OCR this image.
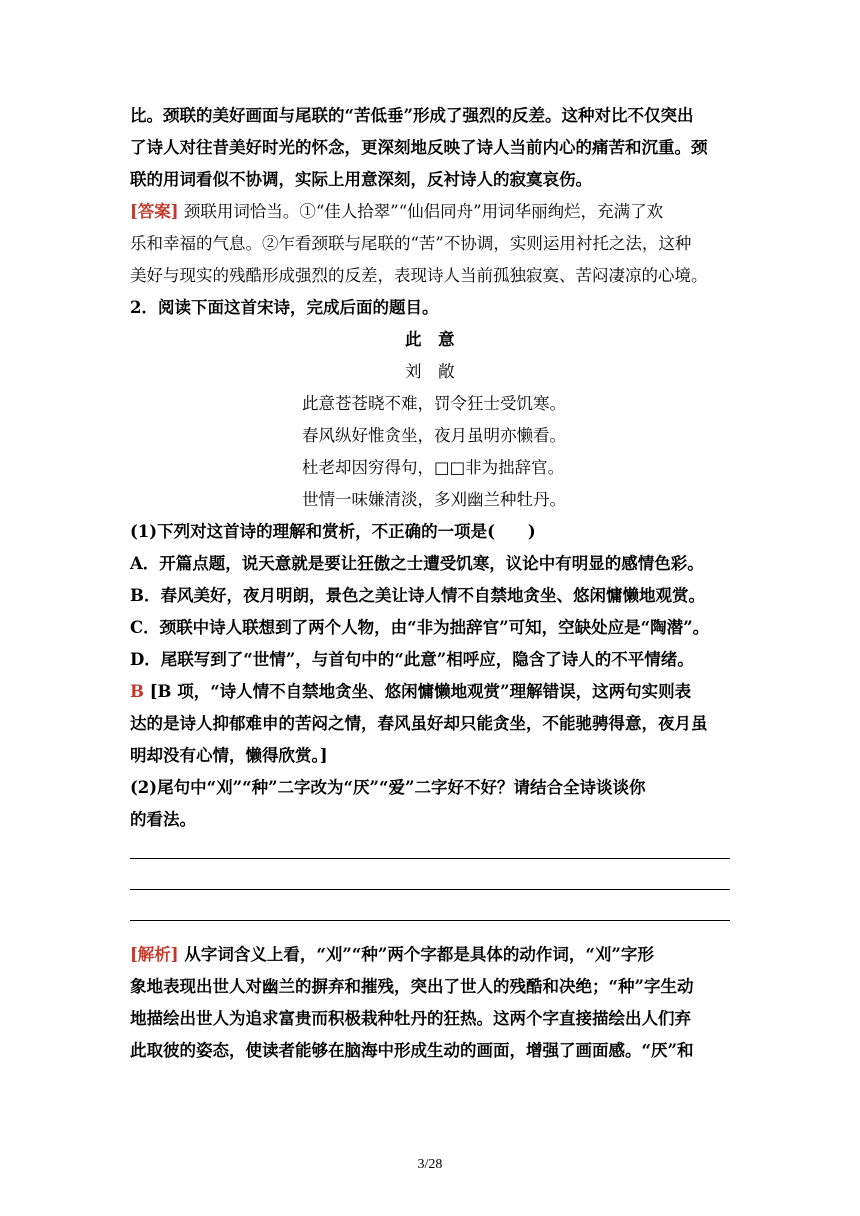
比。颈联的美好画面与尾联的“苦低垂”形成了强烈的反差。这种对比不仅突出
了诗人对往昔美好时光的怀念，更深刻地反映了诗人当前内心的痛苦和沉重。颈
联的用词看似不协调，实际上用意深刻，反衬诗人的寂寞哀伤。
[答案] 颈联用词恰当。①“佳人拾翠”“仙侣同舟”用词华丽绚烂，充满了欢
乐和幸福的气息。②乍看颈联与尾联的“苦”不协调，实则运用衬托之法，这种
美好与现实的残酷形成强烈的反差，表现诗人当前孤独寂寞、苦闷凄凉的心境。
2．阅读下面这首宋诗，完成后面的题目。
此　意
刘　敞
此意苍苍晓不难，罚令狂士受饥寒。
春风纵好惟贪坐，夜月虽明亦懒看。
杜老却因穷得句，□□非为拙辞官。
世情一味嫌清淡，多刈幽兰种牡丹。
(1)下列对这首诗的理解和赏析，不正确的一项是(　　)
A．开篇点题，说天意就是要让狂傲之士遭受饥寒，议论中有明显的感情色彩。
B．春风美好，夜月明朗，景色之美让诗人情不自禁地贪坐、悠闲慵懒地观赏。
C．颈联中诗人联想到了两个人物，由“非为拙辞官”可知，空缺处应是“陶潜”。
D．尾联写到了“世情”，与首句中的“此意”相呼应，隐含了诗人的不平情绪。
B [B 项，“诗人情不自禁地贪坐、悠闲慵懒地观赏”理解错误，这两句实则表
达的是诗人抑郁难申的苦闷之情，春风虽好却只能贪坐，不能驰骋得意，夜月虽
明却没有心情，懒得欣赏。]
(2)尾句中“刈”“种”二字改为“厌”“爱”二字好不好？请结合全诗谈谈你
的看法。
[解析] 从字词含义上看，“刈”“种”两个字都是具体的动作词，“刈”字形
象地表现出世人对幽兰的摒弃和摧残，突出了世人的残酷和决绝；“种”字生动
地描绘出世人为追求富贵而积极栽种牡丹的狂热。这两个字直接描绘出人们弃
此取彼的姿态，使读者能够在脑海中形成生动的画面，增强了画面感。“厌”和
3/28
